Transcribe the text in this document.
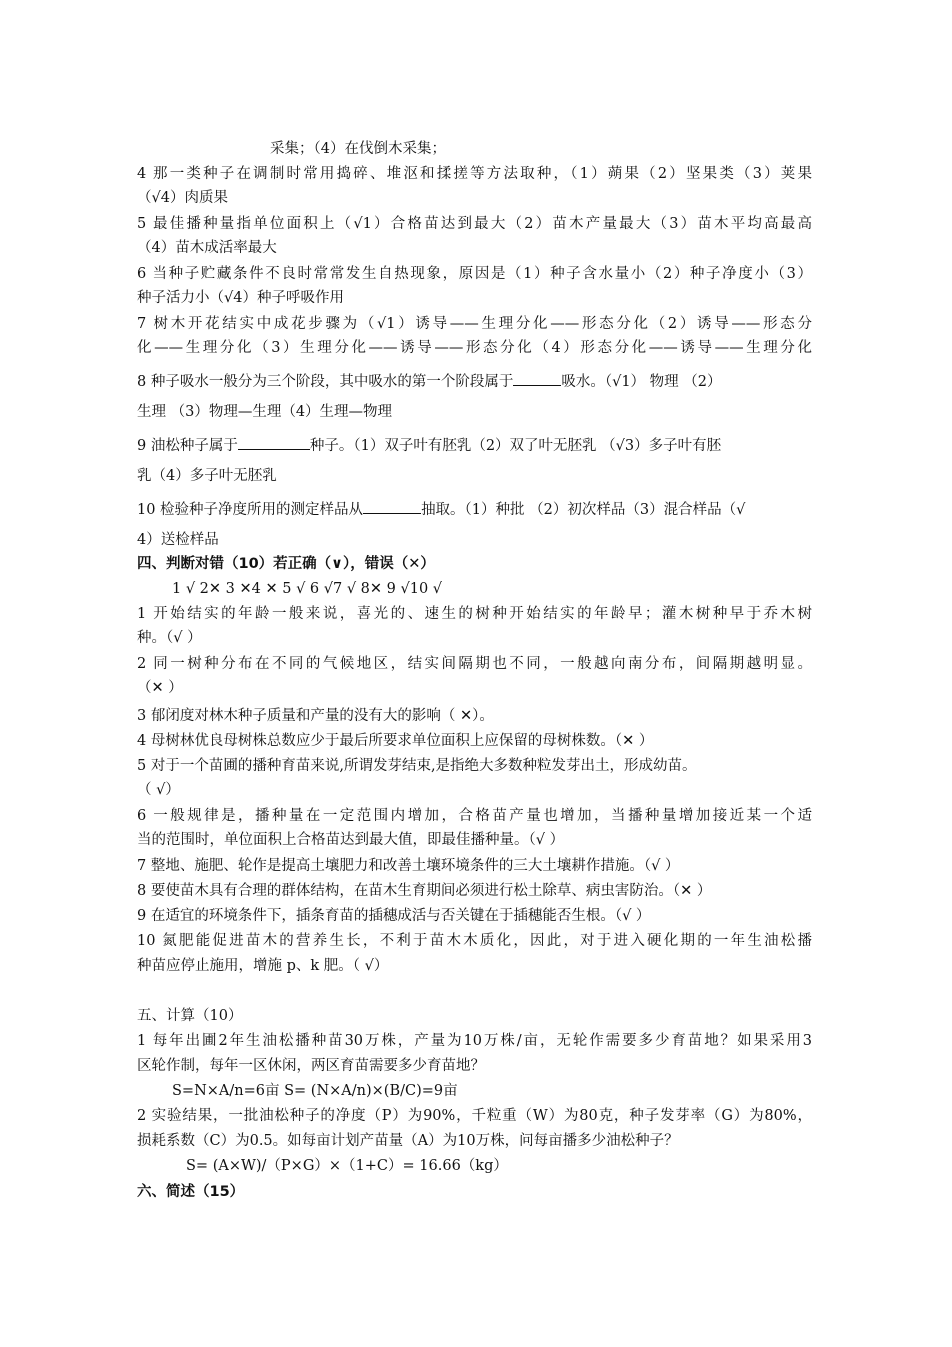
采集；（4）在伐倒木采集；
4 那一类种子在调制时常用捣碎、堆沤和揉搓等方法取种，（1）蒴果（2）坚果类（3）荚果
（√4）肉质果
5 最佳播种量指单位面积上（√1）合格苗达到最大（2）苗木产量最大（3）苗木平均高最高
（4）苗木成活率最大
6 当种子贮藏条件不良时常常发生自热现象，原因是（1）种子含水量小（2）种子净度小（3）
种子活力小（√4）种子呼吸作用
7 树木开花结实中成花步骤为（√1）诱导——生理分化——形态分化（2）诱导——形态分
化——生理分化（3）生理分化——诱导——形态分化（4）形态分化——诱导——生理分化
8 种子吸水一般分为三个阶段，其中吸水的第一个阶段属于	吸水。（√1） 物理 （2）
生理 （3）物理—生理（4）生理—物理
9 油松种子属于	种子。（1）双子叶有胚乳（2）双了叶无胚乳 （√3）多子叶有胚
乳（4）多子叶无胚乳
10 检验种子净度所用的测定样品从	抽取。（1）种批 （2）初次样品（3）混合样品（√
4）送检样品
四、判断对错（10）若正确（∨），错误（✕）
1 √ 2✕ 3 ✕4 ✕ 5 √ 6 √7 √ 8✕ 9 √10 √
1 开始结实的年龄一般来说，喜光的、速生的树种开始结实的年龄早；灌木树种早于乔木树
种。（√ ）
2 同一树种分布在不同的气候地区，结实间隔期也不同，一般越向南分布，间隔期越明显。
（✕ ）
3 郁闭度对林木种子质量和产量的没有大的影响（ ✕）。
4 母树林优良母树株总数应少于最后所要求单位面积上应保留的母树株数。（✕ ）
5 对于一个苗圃的播种育苗来说,所谓发芽结束,是指绝大多数种粒发芽出土，形成幼苗。
（ √）
6 一般规律是，播种量在一定范围内增加，合格苗产量也增加，当播种量增加接近某一个适
当的范围时，单位面积上合格苗达到最大值，即最佳播种量。（√ ）
7 整地、施肥、轮作是提高土壤肥力和改善土壤环境条件的三大土壤耕作措施。（√ ）
8 要使苗木具有合理的群体结构，在苗木生育期间必须进行松土除草、病虫害防治。（✕ ）
9 在适宜的环境条件下，插条育苗的插穗成活与否关键在于插穗能否生根。（√ ）
10 氮肥能促进苗木的营养生长，不利于苗木木质化，因此，对于进入硬化期的一年生油松播
种苗应停止施用，增施 p、k 肥。（ √）
五、计算（10）
1 每年出圃2年生油松播种苗30万株，产量为10万株/亩，无轮作需要多少育苗地？如果采用3
区轮作制，每年一区休闲，两区育苗需要多少育苗地？
S=N×A/n=6亩 S= (N×A/n)×(B/C)=9亩
2 实验结果，一批油松种子的净度（P）为90%，千粒重（W）为80克，种子发芽率（G）为80%，
损耗系数（C）为0.5。如每亩计划产苗量（A）为10万株，问每亩播多少油松种子？
S= (A×W)/（P×G）×（1+C）= 16.66（kg）
六、简述（15）
